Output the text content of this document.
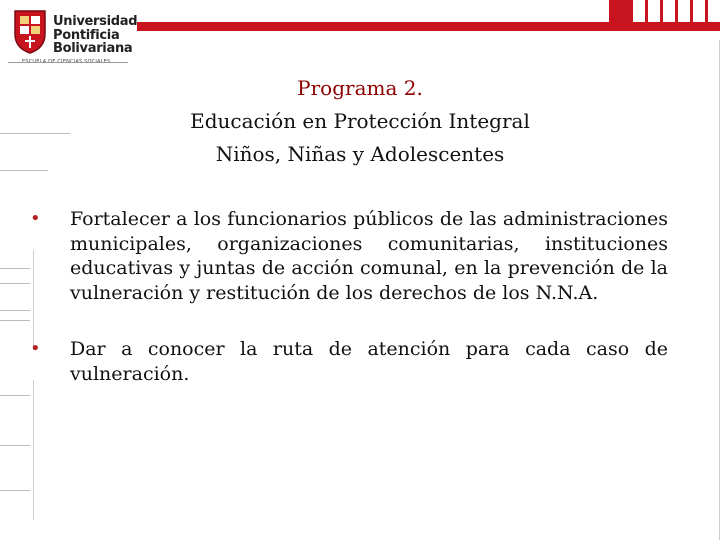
Universidad
Pontificia
Bolivariana
Programa 2.
Educación en Protección Integral
Niños, Niñas y Adolescentes
•	Fortalecer a los funcionarios públicos de las administraciones municipales, organizaciones comunitarias, instituciones educativas y juntas de acción comunal, en la prevención de la vulneración y restitución de los derechos de los N.N.A.
•	Dar a conocer la ruta de atención para cada caso de vulneración.
